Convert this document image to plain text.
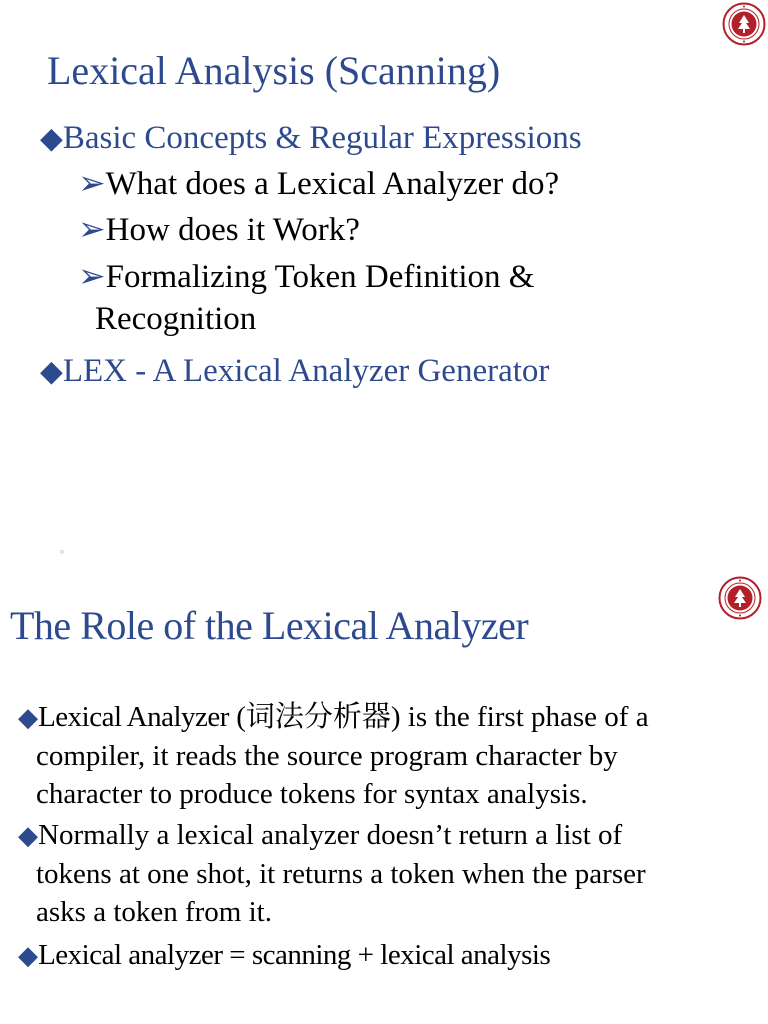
Lexical Analysis (Scanning)
◆Basic Concepts & Regular Expressions
➢What does a Lexical Analyzer do?
➢How does it Work?
➢Formalizing Token Definition &
Recognition
◆LEX - A Lexical Analyzer Generator
。
The Role of the Lexical Analyzer
◆Lexical Analyzer (词法分析器) is the first phase of a
compiler, it reads the source program character by
character to produce tokens for syntax analysis.
◆Normally a lexical analyzer doesn’t return a list of
tokens at one shot, it returns a token when the parser
asks a token from it.
◆Lexical analyzer = scanning + lexical analysis
